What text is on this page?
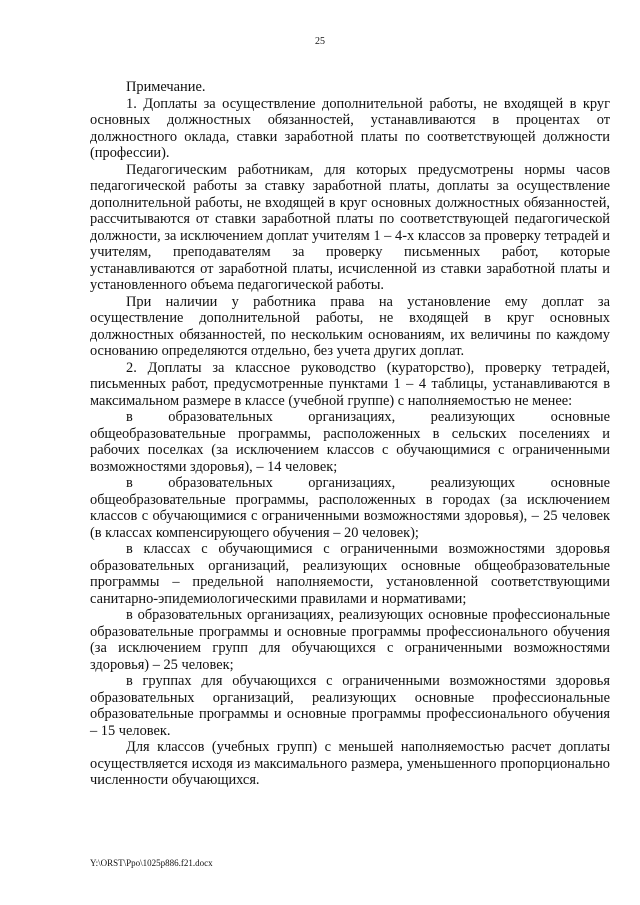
25

Примечание.

1. Доплаты за осуществление дополнительной работы, не входящей в круг основных должностных обязанностей, устанавливаются в процентах от должностного оклада, ставки заработной платы по соответствующей должности (профессии).

Педагогическим работникам, для которых предусмотрены нормы часов педагогической работы за ставку заработной платы, доплаты за осуществление дополнительной работы, не входящей в круг основных должностных обязанностей, рассчитываются от ставки заработной платы по соответствующей педагогической должности, за исключением доплат учителям 1 – 4-х классов за проверку тетрадей и учителям, преподавателям за проверку письменных работ, которые устанавливаются от заработной платы, исчисленной из ставки заработной платы и установленного объема педагогической работы.

При наличии у работника права на установление ему доплат за осуществление дополнительной работы, не входящей в круг основных должностных обязанностей, по нескольким основаниям, их величины по каждому основанию определяются отдельно, без учета других доплат.

2. Доплаты за классное руководство (кураторство), проверку тетрадей, письменных работ, предусмотренные пунктами 1 – 4 таблицы, устанавливаются в максимальном размере в классе (учебной группе) с наполняемостью не менее:

в образовательных организациях, реализующих основные общеобразовательные программы, расположенных в сельских поселениях и рабочих поселках (за исключением классов с обучающимися с ограниченными возможностями здоровья), – 14 человек;

в образовательных организациях, реализующих основные общеобразовательные программы, расположенных в городах (за исключением классов с обучающимися с ограниченными возможностями здоровья), – 25 человек (в классах компенсирующего обучения – 20 человек);

в классах с обучающимися с ограниченными возможностями здоровья образовательных организаций, реализующих основные общеобразовательные программы – предельной наполняемости, установленной соответствующими санитарно-эпидемиологическими правилами и нормативами;

в образовательных организациях, реализующих основные профессиональные образовательные программы и основные программы профессионального обучения (за исключением групп для обучающихся с ограниченными возможностями здоровья) – 25 человек;

в группах для обучающихся с ограниченными возможностями здоровья образовательных организаций, реализующих основные профессиональные образовательные программы и основные программы профессионального обучения – 15 человек.

Для классов (учебных групп) с меньшей наполняемостью расчет доплаты осуществляется исходя из максимального размера, уменьшенного пропорционально численности обучающихся.

Y:\ORST\Ppo\1025p886.f21.docx
